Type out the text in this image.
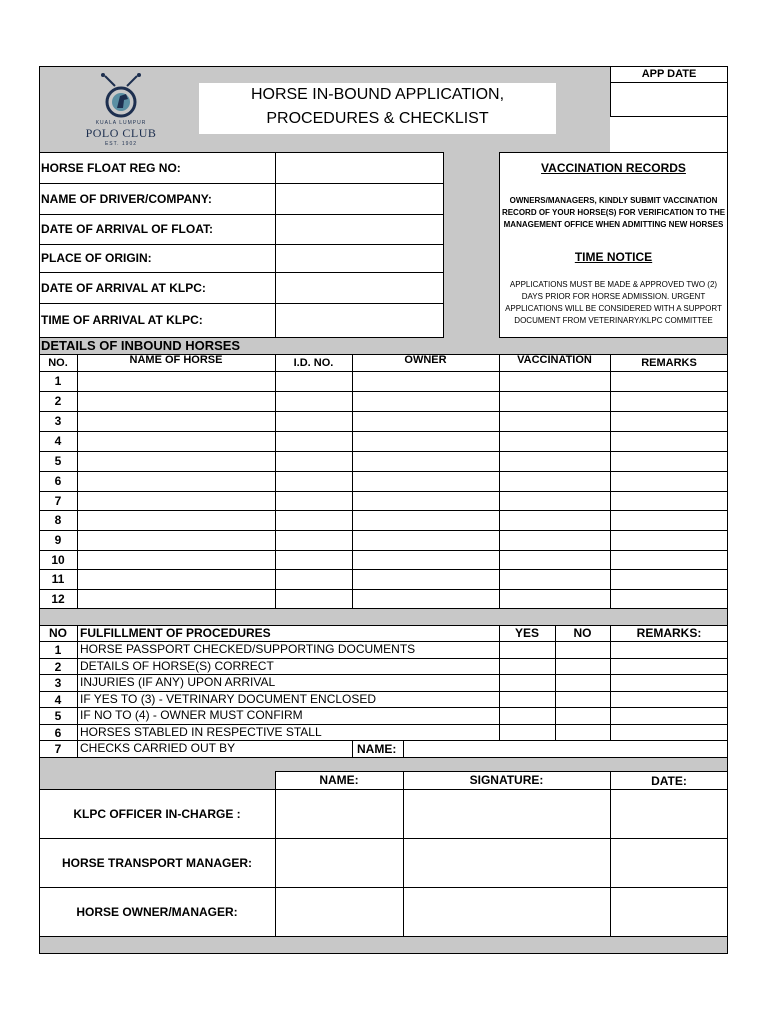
KUALA LUMPUR
POLO CLUB
EST. 1902
HORSE IN-BOUND APPLICATION,
PROCEDURES & CHECKLIST
APP DATE
HORSE FLOAT REG NO:
NAME OF DRIVER/COMPANY:
DATE OF ARRIVAL OF FLOAT:
PLACE OF ORIGIN:
DATE OF ARRIVAL AT KLPC:
TIME OF ARRIVAL AT KLPC:
VACCINATION RECORDS
OWNERS/MANAGERS, KINDLY SUBMIT VACCINATION
RECORD OF YOUR HORSE(S) FOR VERIFICATION TO THE
MANAGEMENT OFFICE WHEN ADMITTING NEW HORSES
TIME NOTICE
APPLICATIONS MUST BE MADE & APPROVED TWO (2)
DAYS PRIOR FOR HORSE ADMISSION. URGENT
APPLICATIONS WILL BE CONSIDERED WITH A SUPPORT
DOCUMENT FROM VETERINARY/KLPC COMMITTEE
DETAILS OF INBOUND HORSES
NO.	NAME OF HORSE	I.D. NO.	OWNER	VACCINATION	REMARKS
1
2
3
4
5
6
7
8
9
10
11
12
NO	FULFILLMENT OF PROCEDURES	YES	NO	REMARKS:
1	HORSE PASSPORT CHECKED/SUPPORTING DOCUMENTS
2	DETAILS OF HORSE(S) CORRECT
3	INJURIES (IF ANY) UPON ARRIVAL
4	IF YES TO (3) - VETRINARY DOCUMENT ENCLOSED
5	IF NO TO (4) - OWNER MUST CONFIRM
6	HORSES STABLED IN RESPECTIVE STALL
7	CHECKS CARRIED OUT BY	NAME:
NAME:	SIGNATURE:	DATE:
KLPC OFFICER IN-CHARGE :
HORSE TRANSPORT MANAGER:
HORSE OWNER/MANAGER:
